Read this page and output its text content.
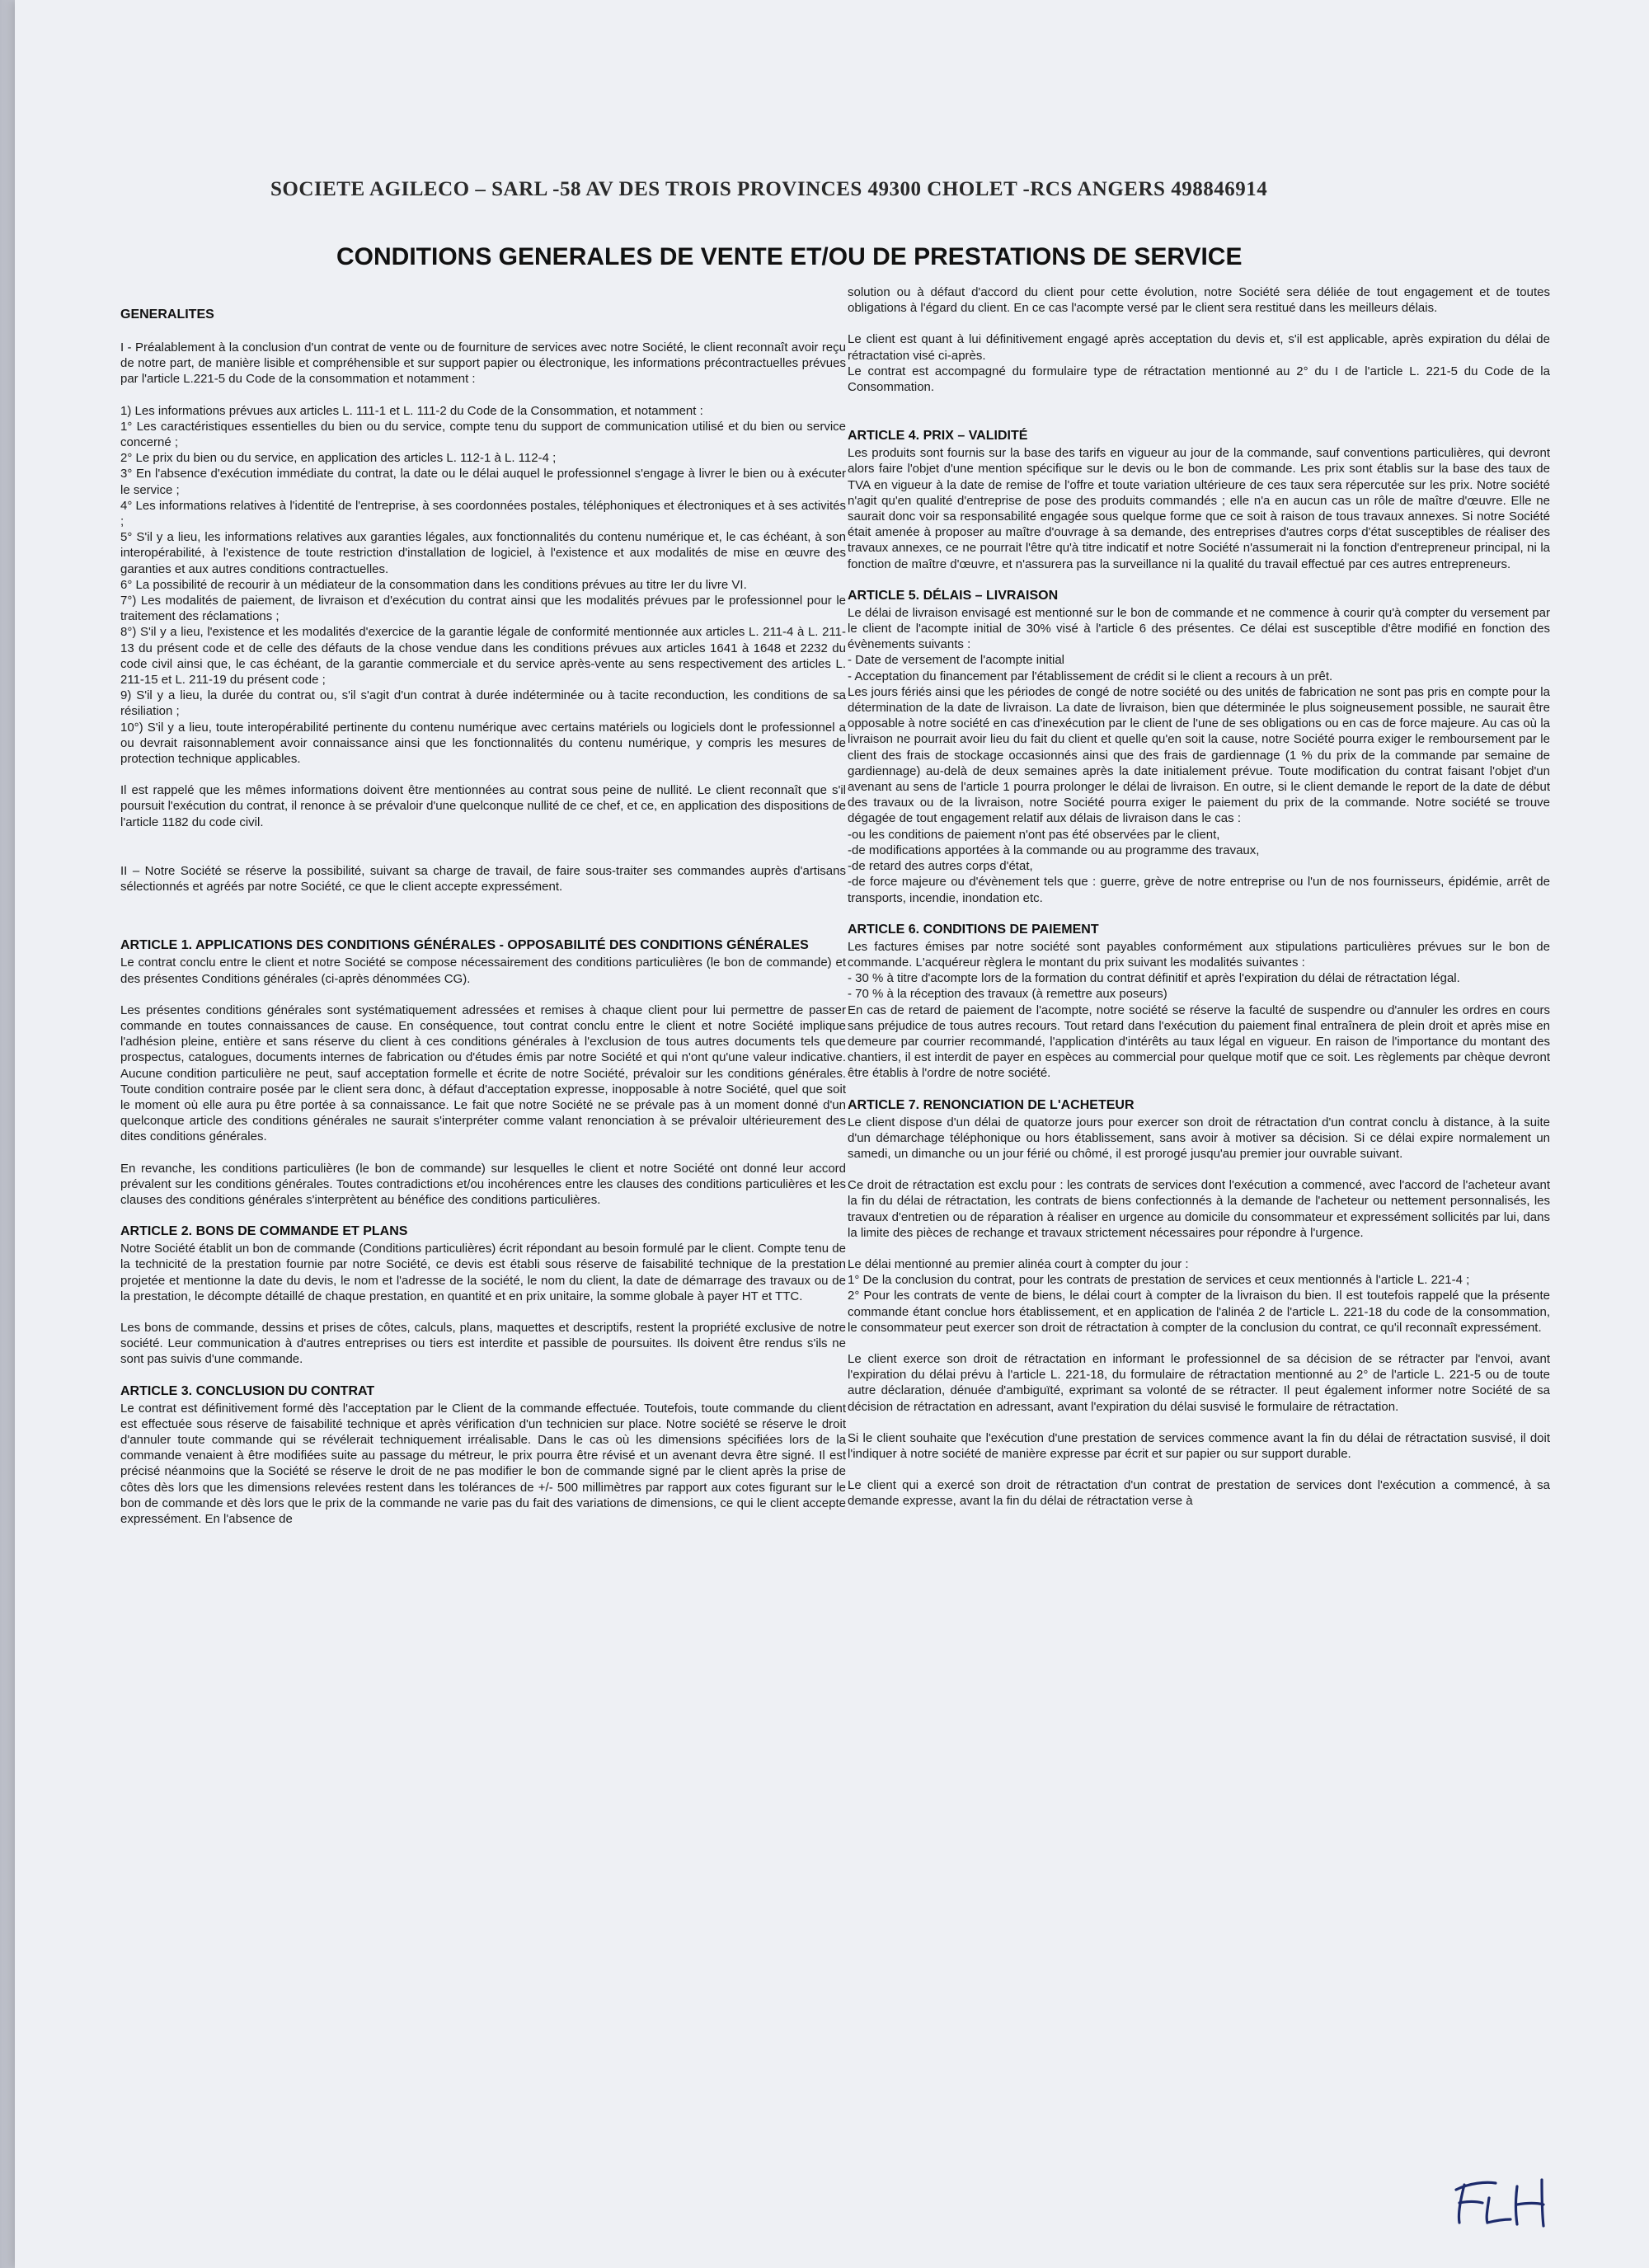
SOCIETE AGILECO – SARL -58 AV DES TROIS PROVINCES 49300 CHOLET -RCS ANGERS 498846914
CONDITIONS GENERALES DE VENTE ET/OU DE PRESTATIONS DE SERVICE
GENERALITES

I - Préalablement à la conclusion d'un contrat de vente ou de fourniture de services avec notre Société, le client reconnaît avoir reçu de notre part, de manière lisible et compréhensible et sur support papier ou électronique, les informations précontractuelles prévues par l'article L.221-5 du Code de la consommation et notamment :

1) Les informations prévues aux articles L. 111-1 et L. 111-2 du Code de la Consommation, et notamment :

1° Les caractéristiques essentielles du bien ou du service, compte tenu du support de communication utilisé et du bien ou service concerné ;

2° Le prix du bien ou du service, en application des articles L. 112-1 à L. 112-4 ;

3° En l'absence d'exécution immédiate du contrat, la date ou le délai auquel le professionnel s'engage à livrer le bien ou à exécuter le service ;

4° Les informations relatives à l'identité de l'entreprise, à ses coordonnées postales, téléphoniques et électroniques et à ses activités ;

5° S'il y a lieu, les informations relatives aux garanties légales, aux fonctionnalités du contenu numérique et, le cas échéant, à son interopérabilité, à l'existence de toute restriction d'installation de logiciel, à l'existence et aux modalités de mise en œuvre des garanties et aux autres conditions contractuelles.

6° La possibilité de recourir à un médiateur de la consommation dans les conditions prévues au titre Ier du livre VI.

7°) Les modalités de paiement, de livraison et d'exécution du contrat ainsi que les modalités prévues par le professionnel pour le traitement des réclamations ;

8°) S'il y a lieu, l'existence et les modalités d'exercice de la garantie légale de conformité mentionnée aux articles L. 211-4 à L. 211-13 du présent code et de celle des défauts de la chose vendue dans les conditions prévues aux articles 1641 à 1648 et 2232 du code civil ainsi que, le cas échéant, de la garantie commerciale et du service après-vente au sens respectivement des articles L. 211-15 et L. 211-19 du présent code ;

9) S'il y a lieu, la durée du contrat ou, s'il s'agit d'un contrat à durée indéterminée ou à tacite reconduction, les conditions de sa résiliation ;

10°) S'il y a lieu, toute interopérabilité pertinente du contenu numérique avec certains matériels ou logiciels dont le professionnel a ou devrait raisonnablement avoir connaissance ainsi que les fonctionnalités du contenu numérique, y compris les mesures de protection technique applicables.

Il est rappelé que les mêmes informations doivent être mentionnées au contrat sous peine de nullité. Le client reconnaît que s'il poursuit l'exécution du contrat, il renonce à se prévaloir d'une quelconque nullité de ce chef, et ce, en application des dispositions de l'article 1182 du code civil.

II – Notre Société se réserve la possibilité, suivant sa charge de travail, de faire sous-traiter ses commandes auprès d'artisans sélectionnés et agréés par notre Société, ce que le client accepte expressément.

ARTICLE 1. APPLICATIONS DES CONDITIONS GÉNÉRALES - OPPOSABILITÉ DES CONDITIONS GÉNÉRALES

Le contrat conclu entre le client et notre Société se compose nécessairement des conditions particulières (le bon de commande) et des présentes Conditions générales (ci-après dénommées CG).

Les présentes conditions générales sont systématiquement adressées et remises à chaque client pour lui permettre de passer commande en toutes connaissances de cause. En conséquence, tout contrat conclu entre le client et notre Société implique l'adhésion pleine, entière et sans réserve du client à ces conditions générales à l'exclusion de tous autres documents tels que prospectus, catalogues, documents internes de fabrication ou d'études émis par notre Société et qui n'ont qu'une valeur indicative. Aucune condition particulière ne peut, sauf acceptation formelle et écrite de notre Société, prévaloir sur les conditions générales. Toute condition contraire posée par le client sera donc, à défaut d'acceptation expresse, inopposable à notre Société, quel que soit le moment où elle aura pu être portée à sa connaissance. Le fait que notre Société ne se prévale pas à un moment donné d'un quelconque article des conditions générales ne saurait s'interpréter comme valant renonciation à se prévaloir ultérieurement des dites conditions générales.

En revanche, les conditions particulières (le bon de commande) sur lesquelles le client et notre Société ont donné leur accord prévalent sur les conditions générales. Toutes contradictions et/ou incohérences entre les clauses des conditions particulières et les clauses des conditions générales s'interprètent au bénéfice des conditions particulières.

ARTICLE 2. BONS DE COMMANDE ET PLANS

Notre Société établit un bon de commande (Conditions particulières) écrit répondant au besoin formulé par le client. Compte tenu de la technicité de la prestation fournie par notre Société, ce devis est établi sous réserve de faisabilité technique de la prestation projetée et mentionne la date du devis, le nom et l'adresse de la société, le nom du client, la date de démarrage des travaux ou de la prestation, le décompte détaillé de chaque prestation, en quantité et en prix unitaire, la somme globale à payer HT et TTC.

Les bons de commande, dessins et prises de côtes, calculs, plans, maquettes et descriptifs, restent la propriété exclusive de notre société. Leur communication à d'autres entreprises ou tiers est interdite et passible de poursuites. Ils doivent être rendus s'ils ne sont pas suivis d'une commande.

ARTICLE 3. CONCLUSION DU CONTRAT

Le contrat est définitivement formé dès l'acceptation par le Client de la commande effectuée. Toutefois, toute commande du client est effectuée sous réserve de faisabilité technique et après vérification d'un technicien sur place. Notre société se réserve le droit d'annuler toute commande qui se révélerait techniquement irréalisable. Dans le cas où les dimensions spécifiées lors de la commande venaient à être modifiées suite au passage du métreur, le prix pourra être révisé et un avenant devra être signé. Il est précisé néanmoins que la Société se réserve le droit de ne pas modifier le bon de commande signé par le client après la prise de côtes dès lors que les dimensions relevées restent dans les tolérances de +/- 500 millimètres par rapport aux cotes figurant sur le bon de commande et dès lors que le prix de la commande ne varie pas du fait des variations de dimensions, ce qui le client accepte expressément. En l'absence de

solution ou à défaut d'accord du client pour cette évolution, notre Société sera déliée de tout engagement et de toutes obligations à l'égard du client. En ce cas l'acompte versé par le client sera restitué dans les meilleurs délais.

Le client est quant à lui définitivement engagé après acceptation du devis et, s'il est applicable, après expiration du délai de rétractation visé ci-après.

Le contrat est accompagné du formulaire type de rétractation mentionné au 2° du I de l'article L. 221-5 du Code de la Consommation.

ARTICLE 4. PRIX – VALIDITÉ

Les produits sont fournis sur la base des tarifs en vigueur au jour de la commande, sauf conventions particulières, qui devront alors faire l'objet d'une mention spécifique sur le devis ou le bon de commande. Les prix sont établis sur la base des taux de TVA en vigueur à la date de remise de l'offre et toute variation ultérieure de ces taux sera répercutée sur les prix. Notre société n'agit qu'en qualité d'entreprise de pose des produits commandés ; elle n'a en aucun cas un rôle de maître d'œuvre. Elle ne saurait donc voir sa responsabilité engagée sous quelque forme que ce soit à raison de tous travaux annexes. Si notre Société était amenée à proposer au maître d'ouvrage à sa demande, des entreprises d'autres corps d'état susceptibles de réaliser des travaux annexes, ce ne pourrait l'être qu'à titre indicatif et notre Société n'assumerait ni la fonction d'entrepreneur principal, ni la fonction de maître d'œuvre, et n'assurera pas la surveillance ni la qualité du travail effectué par ces autres entrepreneurs.

ARTICLE 5. DÉLAIS – LIVRAISON

Le délai de livraison envisagé est mentionné sur le bon de commande et ne commence à courir qu'à compter du versement par le client de l'acompte initial de 30% visé à l'article 6 des présentes. Ce délai est susceptible d'être modifié en fonction des évènements suivants :

- Date de versement de l'acompte initial

- Acceptation du financement par l'établissement de crédit si le client a recours à un prêt.

Les jours fériés ainsi que les périodes de congé de notre société ou des unités de fabrication ne sont pas pris en compte pour la détermination de la date de livraison. La date de livraison, bien que déterminée le plus soigneusement possible, ne saurait être opposable à notre société en cas d'inexécution par le client de l'une de ses obligations ou en cas de force majeure. Au cas où la livraison ne pourrait avoir lieu du fait du client et quelle qu'en soit la cause, notre Société pourra exiger le remboursement par le client des frais de stockage occasionnés ainsi que des frais de gardiennage (1 % du prix de la commande par semaine de gardiennage) au-delà de deux semaines après la date initialement prévue. Toute modification du contrat faisant l'objet d'un avenant au sens de l'article 1 pourra prolonger le délai de livraison. En outre, si le client demande le report de la date de début des travaux ou de la livraison, notre Société pourra exiger le paiement du prix de la commande. Notre société se trouve dégagée de tout engagement relatif aux délais de livraison dans le cas :

-ou les conditions de paiement n'ont pas été observées par le client,

-de modifications apportées à la commande ou au programme des travaux,

-de retard des autres corps d'état,

-de force majeure ou d'évènement tels que : guerre, grève de notre entreprise ou l'un de nos fournisseurs, épidémie, arrêt de transports, incendie, inondation etc.

ARTICLE 6. CONDITIONS DE PAIEMENT

Les factures émises par notre société sont payables conformément aux stipulations particulières prévues sur le bon de commande. L'acquéreur règlera le montant du prix suivant les modalités suivantes :

- 30 % à titre d'acompte lors de la formation du contrat définitif et après l'expiration du délai de rétractation légal.

- 70 % à la réception des travaux (à remettre aux poseurs)

En cas de retard de paiement de l'acompte, notre société se réserve la faculté de suspendre ou d'annuler les ordres en cours sans préjudice de tous autres recours. Tout retard dans l'exécution du paiement final entraînera de plein droit et après mise en demeure par courrier recommandé, l'application d'intérêts au taux légal en vigueur. En raison de l'importance du montant des chantiers, il est interdit de payer en espèces au commercial pour quelque motif que ce soit. Les règlements par chèque devront être établis à l'ordre de notre société.

ARTICLE 7. RENONCIATION DE L'ACHETEUR

Le client dispose d'un délai de quatorze jours pour exercer son droit de rétractation d'un contrat conclu à distance, à la suite d'un démarchage téléphonique ou hors établissement, sans avoir à motiver sa décision. Si ce délai expire normalement un samedi, un dimanche ou un jour férié ou chômé, il est prorogé jusqu'au premier jour ouvrable suivant.

Ce droit de rétractation est exclu pour : les contrats de services dont l'exécution a commencé, avec l'accord de l'acheteur avant la fin du délai de rétractation, les contrats de biens confectionnés à la demande de l'acheteur ou nettement personnalisés, les travaux d'entretien ou de réparation à réaliser en urgence au domicile du consommateur et expressément sollicités par lui, dans la limite des pièces de rechange et travaux strictement nécessaires pour répondre à l'urgence.

Le délai mentionné au premier alinéa court à compter du jour :

1° De la conclusion du contrat, pour les contrats de prestation de services et ceux mentionnés à l'article L. 221-4 ;

2° Pour les contrats de vente de biens, le délai court à compter de la livraison du bien. Il est toutefois rappelé que la présente commande étant conclue hors établissement, et en application de l'alinéa 2 de l'article L. 221-18 du code de la consommation, le consommateur peut exercer son droit de rétractation à compter de la conclusion du contrat, ce qu'il reconnaît expressément.

Le client exerce son droit de rétractation en informant le professionnel de sa décision de se rétracter par l'envoi, avant l'expiration du délai prévu à l'article L. 221-18, du formulaire de rétractation mentionné au 2° de l'article L. 221-5 ou de toute autre déclaration, dénuée d'ambiguïté, exprimant sa volonté de se rétracter. Il peut également informer notre Société de sa décision de rétractation en adressant, avant l'expiration du délai susvisé le formulaire de rétractation.

Si le client souhaite que l'exécution d'une prestation de services commence avant la fin du délai de rétractation susvisé, il doit l'indiquer à notre société de manière expresse par écrit et sur papier ou sur support durable.

Le client qui a exercé son droit de rétractation d'un contrat de prestation de services dont l'exécution a commencé, à sa demande expresse, avant la fin du délai de rétractation verse à
